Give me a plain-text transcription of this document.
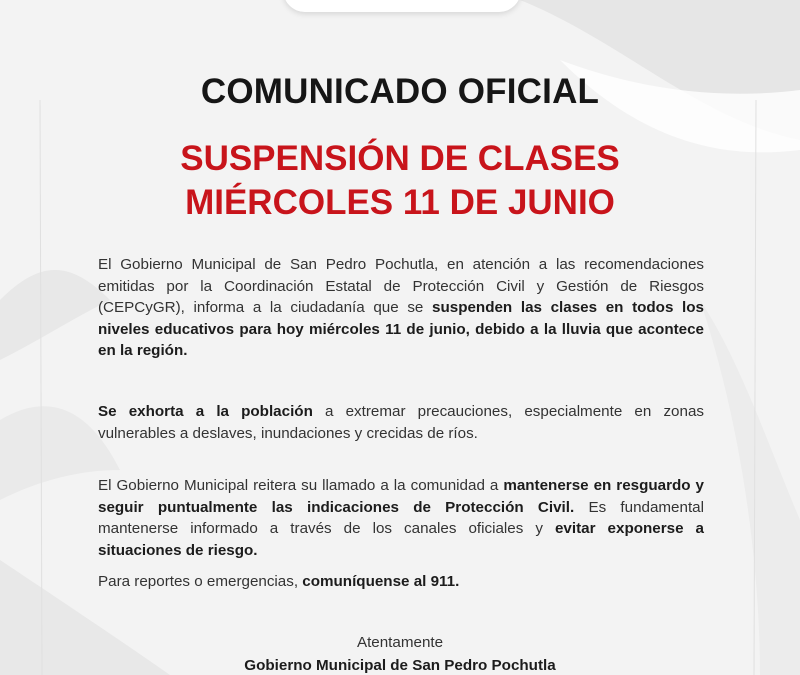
COMUNICADO OFICIAL
SUSPENSIÓN DE CLASES
MIÉRCOLES 11 DE JUNIO

El Gobierno Municipal de San Pedro Pochutla, en atención a las recomendaciones emitidas por la Coordinación Estatal de Protección Civil y Gestión de Riesgos (CEPCyGR), informa a la ciudadanía que se suspenden las clases en todos los niveles educativos para hoy miércoles 11 de junio, debido a la lluvia que acontece en la región.

Se exhorta a la población a extremar precauciones, especialmente en zonas vulnerables a deslaves, inundaciones y crecidas de ríos.

El Gobierno Municipal reitera su llamado a la comunidad a mantenerse en resguardo y seguir puntualmente las indicaciones de Protección Civil. Es fundamental mantenerse informado a través de los canales oficiales y evitar exponerse a situaciones de riesgo.

Para reportes o emergencias, comuníquense al 911.

Atentamente

Gobierno Municipal de San Pedro Pochutla
